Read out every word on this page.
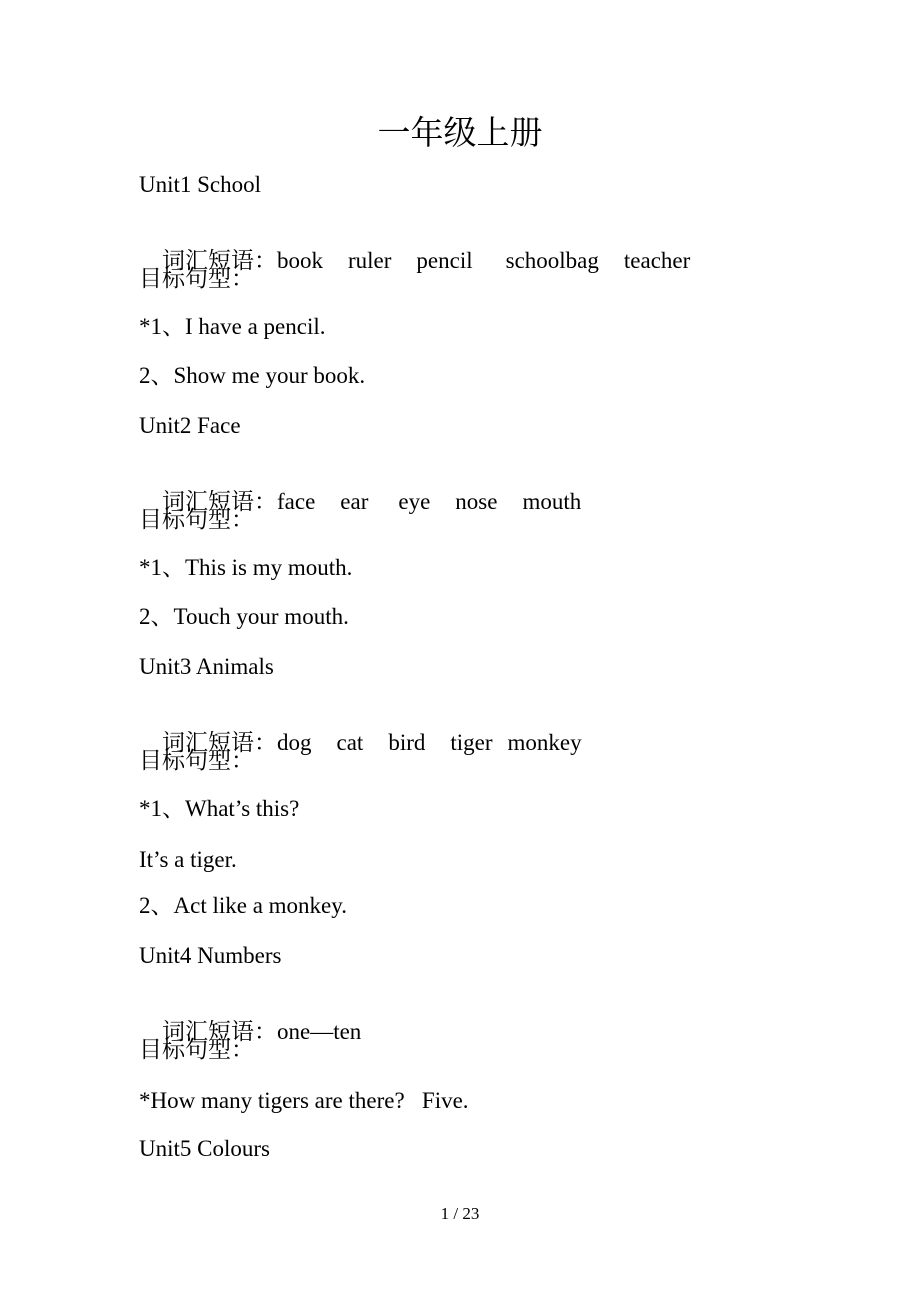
一年级上册
Unit1 School

词汇短语：book ruler pencil schoolbag teacher

目标句型：
*1、I have a pencil.
2、Show me your book.
Unit2 Face

词汇短语：face ear eye nose mouth

目标句型：
*1、This is my mouth.
2、Touch your mouth.
Unit3 Animals

词汇短语：dog cat bird tiger monkey

目标句型：
*1、What’s this?
It’s a tiger.
2、Act like a monkey.
Unit4 Numbers

词汇短语：one—ten

目标句型：
*How many tigers are there?   Five.
Unit5 Colours
1 / 23
